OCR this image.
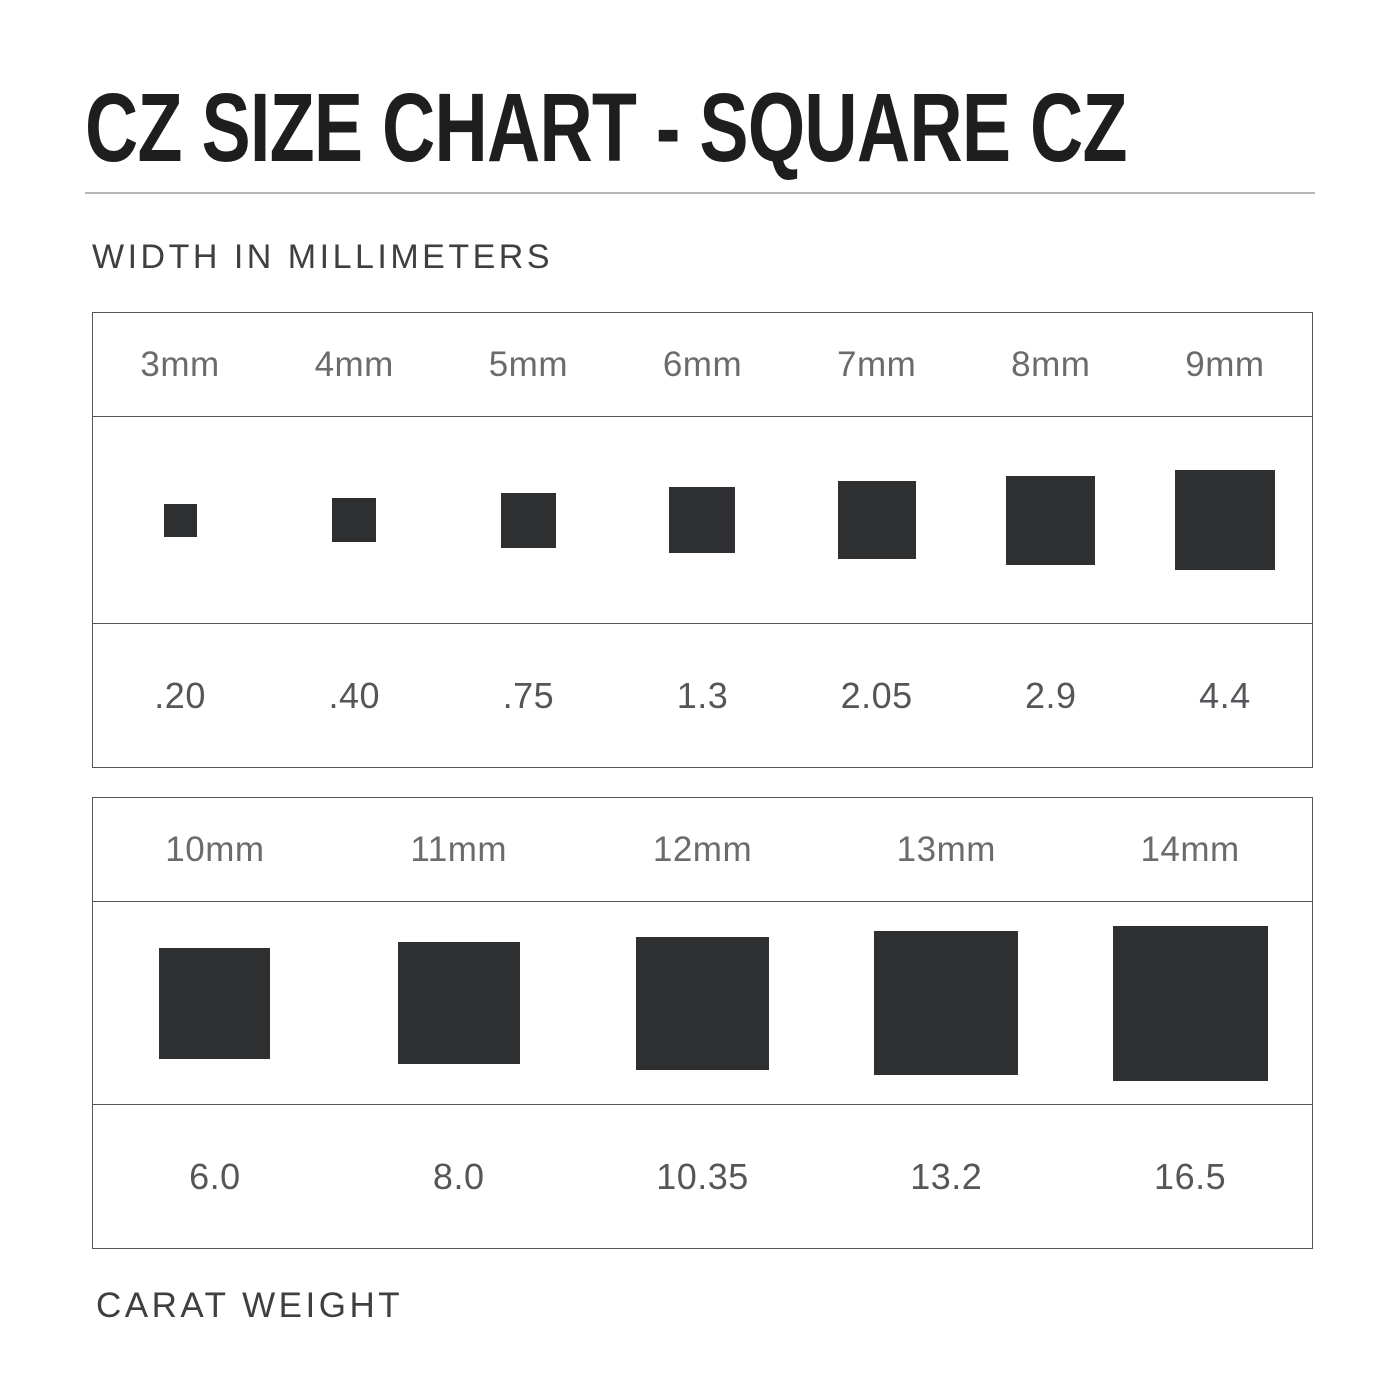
CZ SIZE CHART - SQUARE CZ
WIDTH IN MILLIMETERS
3mm	4mm	5mm	6mm	7mm	8mm	9mm
.20	.40	.75	1.3	2.05	2.9	4.4
10mm	11mm	12mm	13mm	14mm
6.0	8.0	10.35	13.2	16.5
CARAT WEIGHT
